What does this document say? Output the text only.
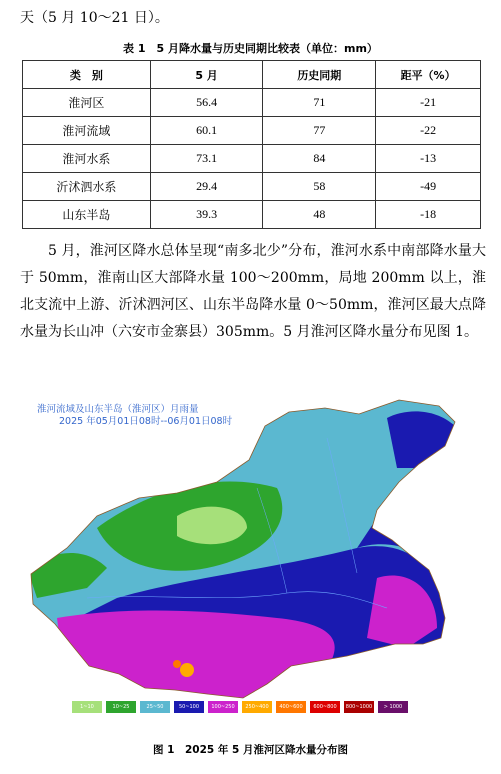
天（5 月 10～21 日）。
表 1　5 月降水量与历史同期比较表（单位：mm）
类　别	5 月	历史同期	距平（%）
淮河区	56.4	71	-21
淮河流域	60.1	77	-22
淮河水系	73.1	84	-13
沂沭泗水系	29.4	58	-49
山东半岛	39.3	48	-18
5 月，淮河区降水总体呈现“南多北少”分布，淮河水系中南部降水量大于 50mm，淮南山区大部降水量 100～200mm，局地 200mm 以上，淮北支流中上游、沂沭泗河区、山东半岛降水量 0～50mm，淮河区最大点降水量为长山冲（六安市金寨县）305mm。5 月淮河区降水量分布见图 1。
淮河流域及山东半岛（淮河区）月雨量
2025 年05月01日08时--06月01日08时
1~10	10~25	25~50	50~100	100~250	250~400	400~600	600~800	800~1000	> 1000
图 1　2025 年 5 月淮河区降水量分布图
